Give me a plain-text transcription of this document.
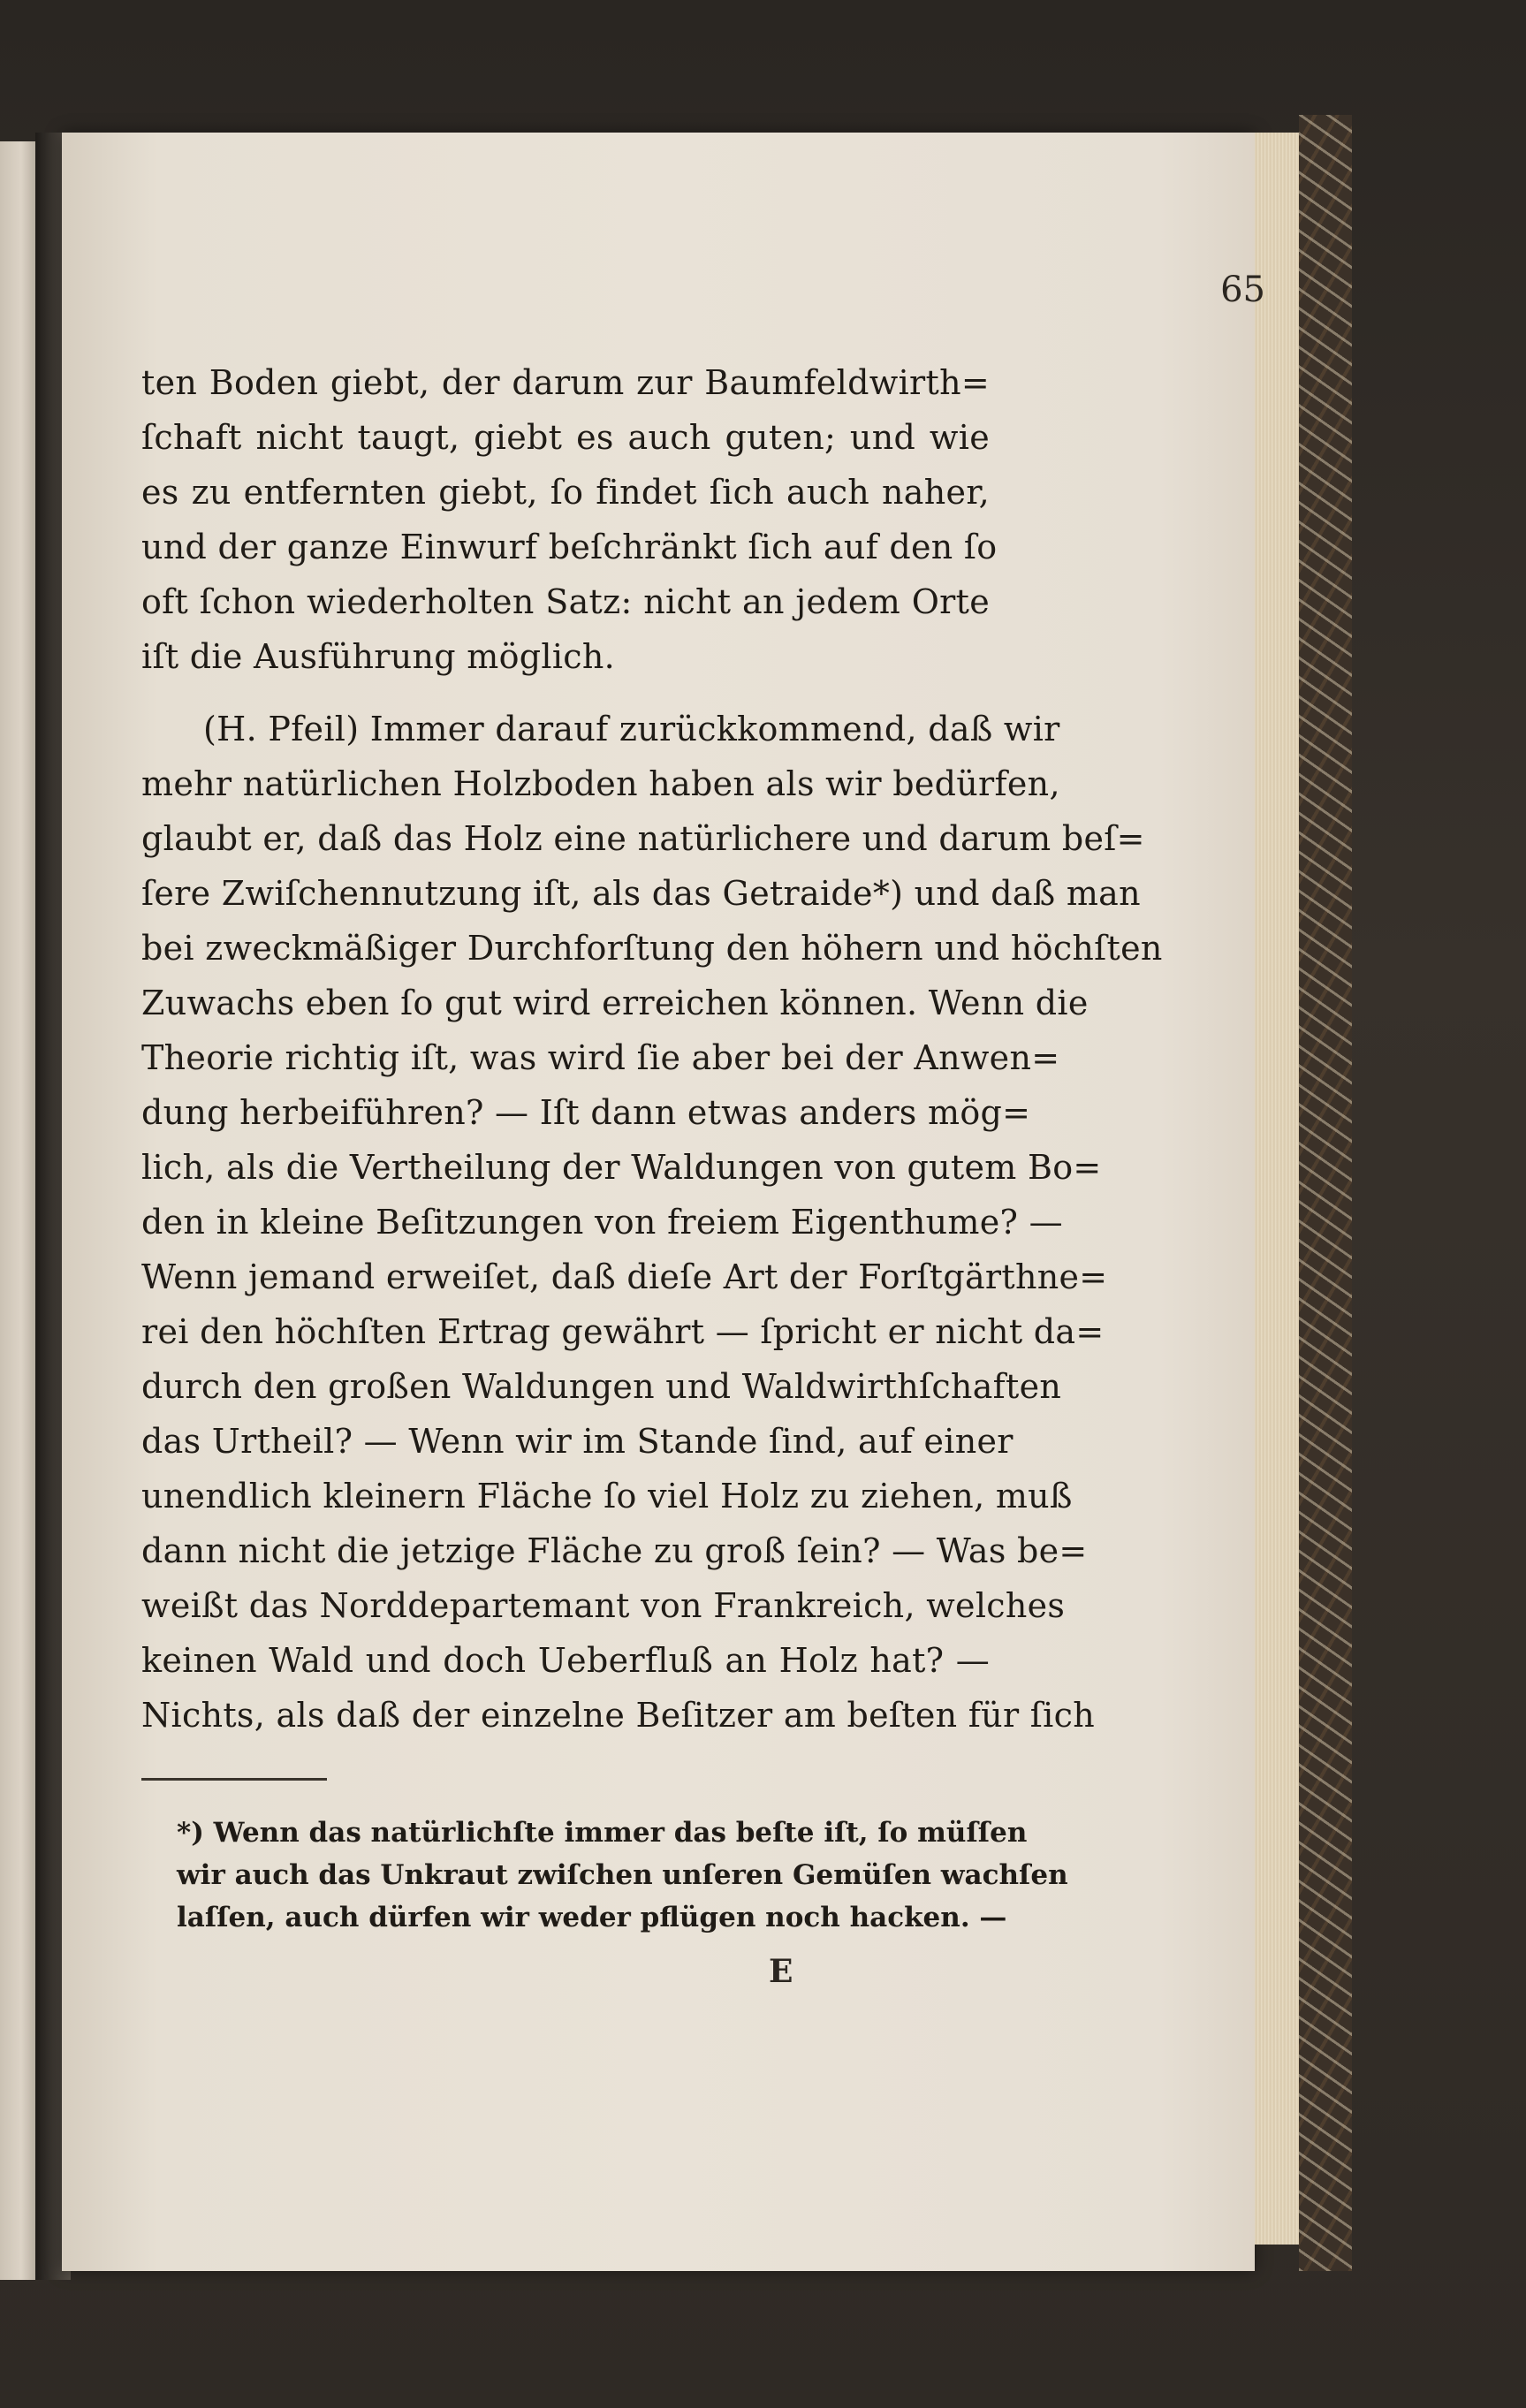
65
ten Boden giebt, der darum zur Baumfeldwirth=
ſchaft nicht taugt, giebt es auch guten; und wie
es zu entfernten giebt, ſo findet ſich auch naher,
und der ganze Einwurf beſchränkt ſich auf den ſo
oft ſchon wiederholten Satz: nicht an jedem Orte
iſt die Ausführung möglich.
(H. Pfeil) Immer darauf zurückkommend, daß wir
mehr natürlichen Holzboden haben als wir bedürfen,
glaubt er, daß das Holz eine natürlichere und darum beſ=
ſere Zwiſchennutzung iſt, als das Getraide*) und daß man
bei zweckmäßiger Durchforſtung den höhern und höchſten
Zuwachs eben ſo gut wird erreichen können. Wenn die
Theorie richtig iſt, was wird ſie aber bei der Anwen=
dung herbeiführen? — Iſt dann etwas anders mög=
lich, als die Vertheilung der Waldungen von gutem Bo=
den in kleine Beſitzungen von freiem Eigenthume? —
Wenn jemand erweiſet, daß dieſe Art der Forſtgärthne=
rei den höchſten Ertrag gewährt — ſpricht er nicht da=
durch den großen Waldungen und Waldwirthſchaften
das Urtheil? — Wenn wir im Stande ſind, auf einer
unendlich kleinern Fläche ſo viel Holz zu ziehen, muß
dann nicht die jetzige Fläche zu groß ſein? — Was be=
weißt das Norddepartemant von Frankreich, welches
keinen Wald und doch Ueberfluß an Holz hat? —
Nichts, als daß der einzelne Beſitzer am beſten für ſich
*) Wenn das natürlichſte immer das beſte iſt, ſo müſſen
wir auch das Unkraut zwiſchen unſeren Gemüſen wachſen
laſſen, auch dürfen wir weder pflügen noch hacken. —
E
